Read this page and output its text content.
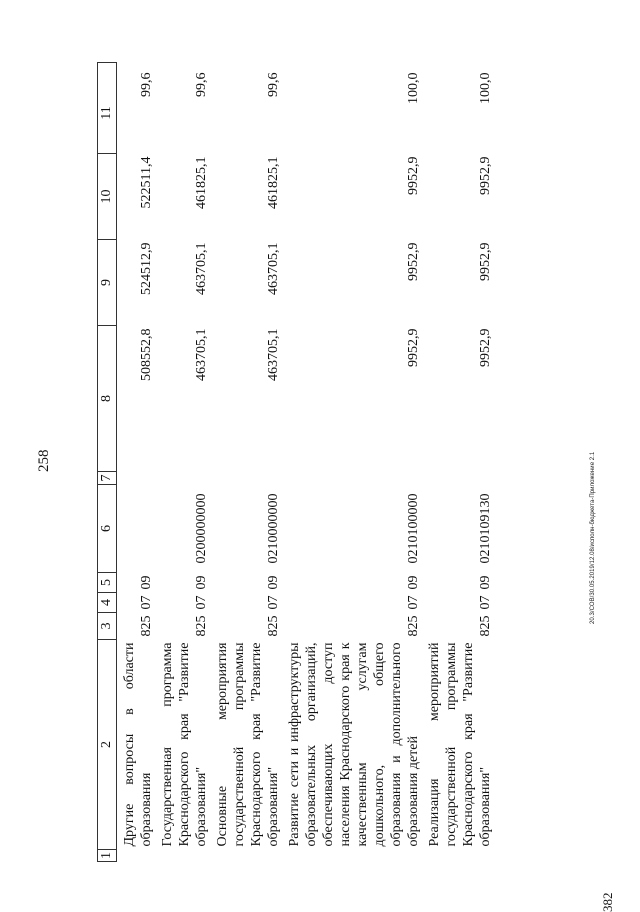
258
1	2	3	4	5	6	7	8	9	10	11
	Другие вопросы в области образования	825	07	09			508552,8	524512,9	522511,4	99,6
	Государственная программа Краснодарского края "Развитие образования"	825	07	09	0200000000		463705,1	463705,1	461825,1	99,6
	Основные мероприятия государственной программы Краснодарского края "Развитие образования"	825	07	09	0210000000		463705,1	463705,1	461825,1	99,6
	Развитие сети и инфраструктуры образовательных организаций, обеспечивающих доступ населения Краснодарского края к качественным услугам дошкольного, общего образования и дополнительного образования детей	825	07	09	0210100000		9952,9	9952,9	9952,9	100,0
	Реализация мероприятий государственной программы Краснодарского края "Развитие образования"	825	07	09	0210109130		9952,9	9952,9	9952,9	100,0
20.3/СОВ/30.05.2019/12.08/исполн-бюджета-Приложение 2.1
382
